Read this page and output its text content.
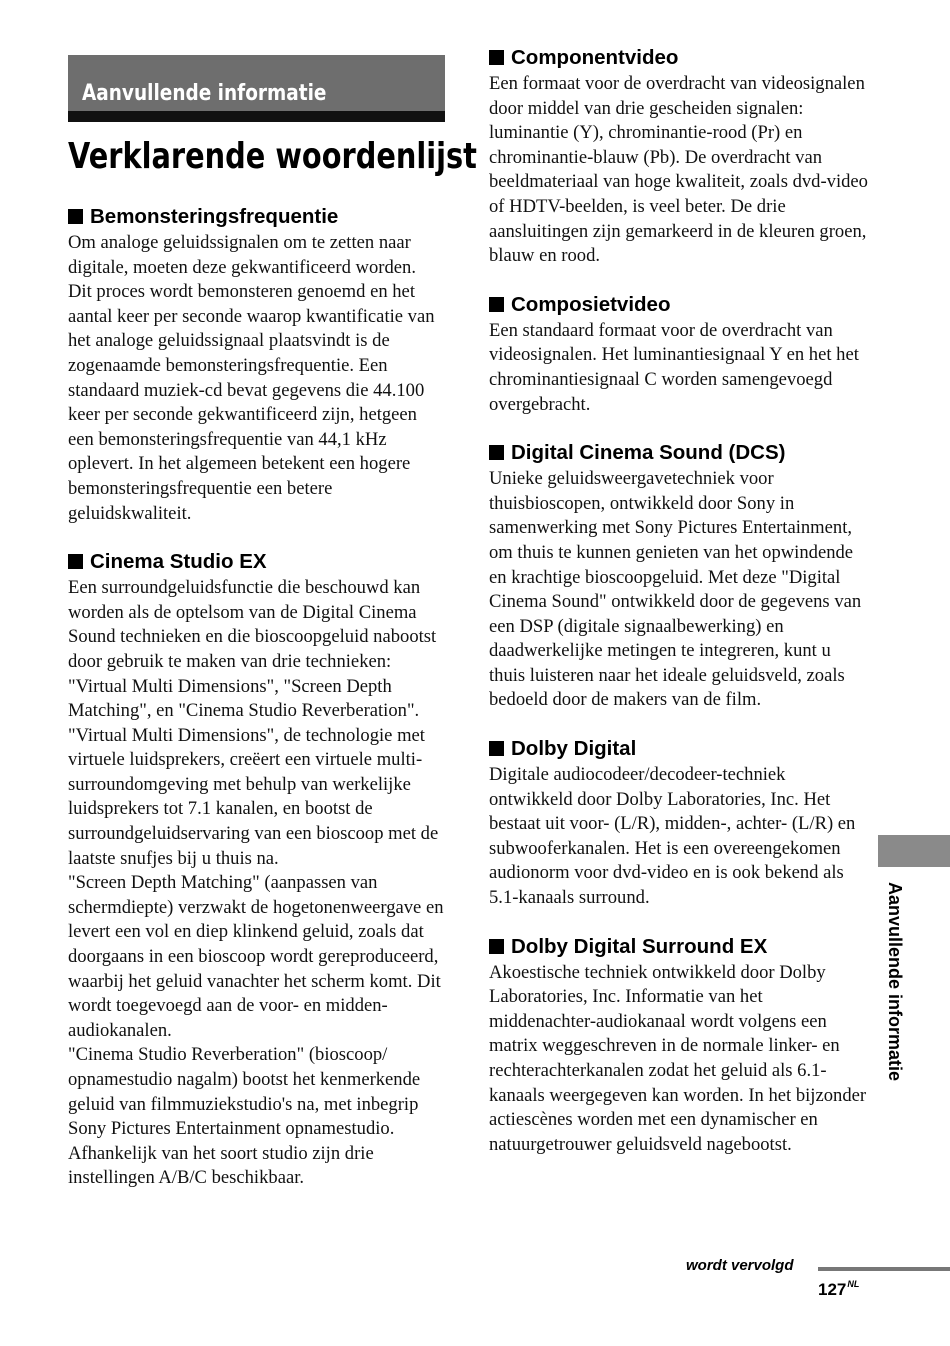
Aanvullende informatie
Verklarende woordenlijst
Bemonsteringsfrequentie

Om analoge geluidssignalen om te zetten naar digitale, moeten deze gekwantificeerd worden. Dit proces wordt bemonsteren genoemd en het aantal keer per seconde waarop kwantificatie van het analoge geluidssignaal plaatsvindt is de zogenaamde bemonsteringsfrequentie. Een standaard muziek-cd bevat gegevens die 44.100 keer per seconde gekwantificeerd zijn, hetgeen een bemonsteringsfrequentie van 44,1 kHz oplevert. In het algemeen betekent een hogere bemonsteringsfrequentie een betere geluidskwaliteit.

Cinema Studio EX

Een surroundgeluidsfunctie die beschouwd kan worden als de optelsom van de Digital Cinema Sound technieken en die bioscoopgeluid nabootst door gebruik te maken van drie technieken: "Virtual Multi Dimensions", "Screen Depth Matching", en "Cinema Studio Reverberation".

"Virtual Multi Dimensions", de technologie met virtuele luidsprekers, creëert een virtuele multi-surroundomgeving met behulp van werkelijke luidsprekers tot 7.1 kanalen, en bootst de surroundgeluidservaring van een bioscoop met de laatste snufjes bij u thuis na.

"Screen Depth Matching" (aanpassen van schermdiepte) verzwakt de hogetonenweergave en levert een vol en diep klinkend geluid, zoals dat doorgaans in een bioscoop wordt gereproduceerd, waarbij het geluid vanachter het scherm komt. Dit wordt toegevoegd aan de voor- en midden-audiokanalen.

"Cinema Studio Reverberation" (bioscoop/ opnamestudio nagalm) bootst het kenmerkende geluid van filmmuziekstudio's na, met inbegrip Sony Pictures Entertainment opnamestudio. Afhankelijk van het soort studio zijn drie instellingen A/B/C beschikbaar.

Componentvideo

Een formaat voor de overdracht van videosignalen door middel van drie gescheiden signalen: luminantie (Y), chrominantie-rood (Pr) en chrominantie-blauw (Pb). De overdracht van beeldmateriaal van hoge kwaliteit, zoals dvd-video of HDTV-beelden, is veel beter. De drie aansluitingen zijn gemarkeerd in de kleuren groen, blauw en rood.

Composietvideo

Een standaard formaat voor de overdracht van videosignalen. Het luminantiesignaal Y en het het chrominantiesignaal C worden samengevoegd overgebracht.

Digital Cinema Sound (DCS)

Unieke geluidsweergavetechniek voor thuisbioscopen, ontwikkeld door Sony in samenwerking met Sony Pictures Entertainment, om thuis te kunnen genieten van het opwindende en krachtige bioscoopgeluid. Met deze "Digital Cinema Sound" ontwikkeld door de gegevens van een DSP (digitale signaalbewerking) en daadwerkelijke metingen te integreren, kunt u thuis luisteren naar het ideale geluidsveld, zoals bedoeld door de makers van de film.

Dolby Digital

Digitale audiocodeer/decodeer-techniek ontwikkeld door Dolby Laboratories, Inc. Het bestaat uit voor- (L/R), midden-, achter- (L/R) en subwooferkanalen. Het is een overeengekomen audionorm voor dvd-video en is ook bekend als 5.1-kanaals surround.

Dolby Digital Surround EX

Akoestische techniek ontwikkeld door Dolby Laboratories, Inc. Informatie van het middenachter-audiokanaal wordt volgens een matrix weggeschreven in de normale linker- en rechterachterkanalen zodat het geluid als 6.1-kanaals weergegeven kan worden. In het bijzonder actiescènes worden met een dynamischer en natuurgetrouwer geluidsveld nagebootst.

Aanvullende informatie
wordt vervolgd
$127^{NL}$
